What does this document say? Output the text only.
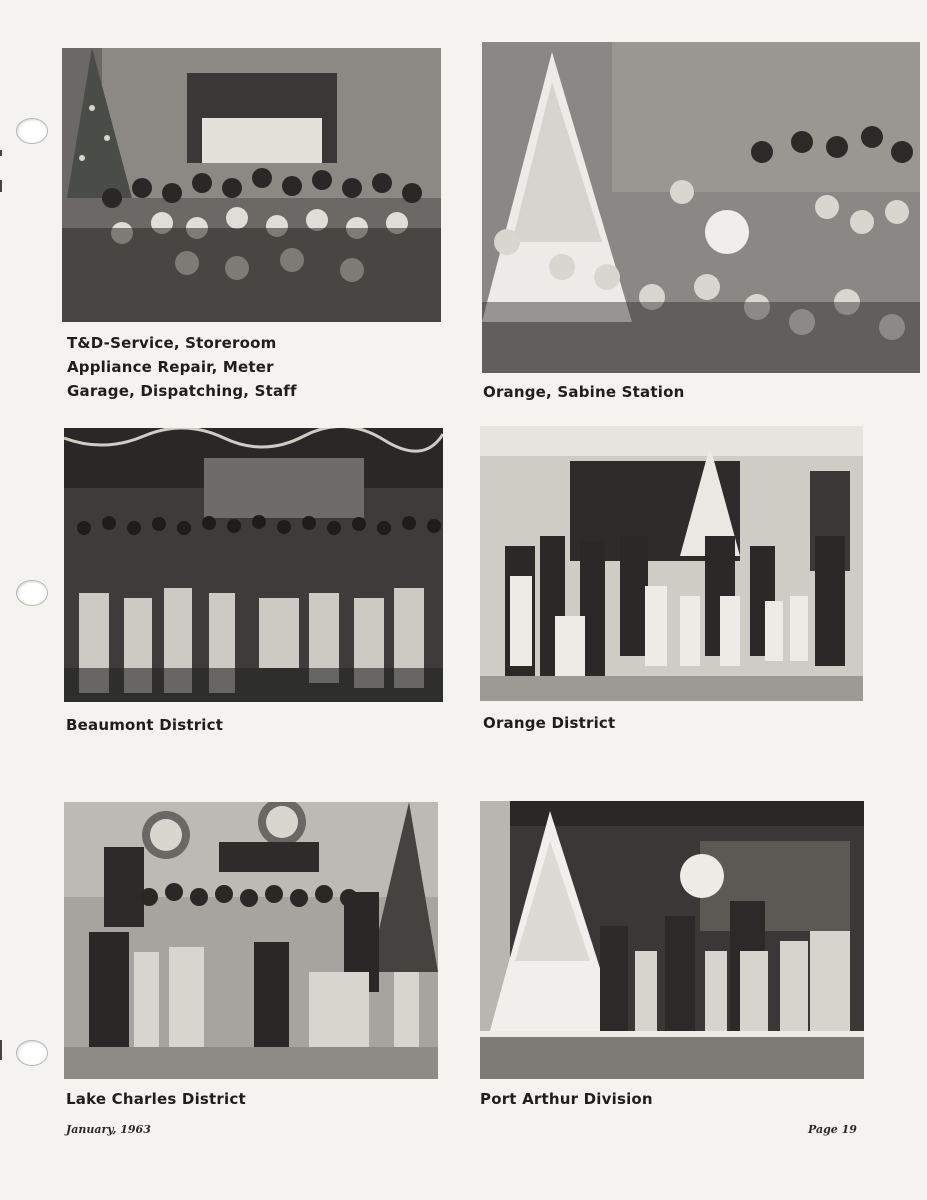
T&D-Service, Storeroom
Appliance Repair, Meter
Garage, Dispatching, Staff	Orange, Sabine Station
Beaumont District	Orange District
Lake Charles District	Port Arthur Division
January, 1963	Page 19
